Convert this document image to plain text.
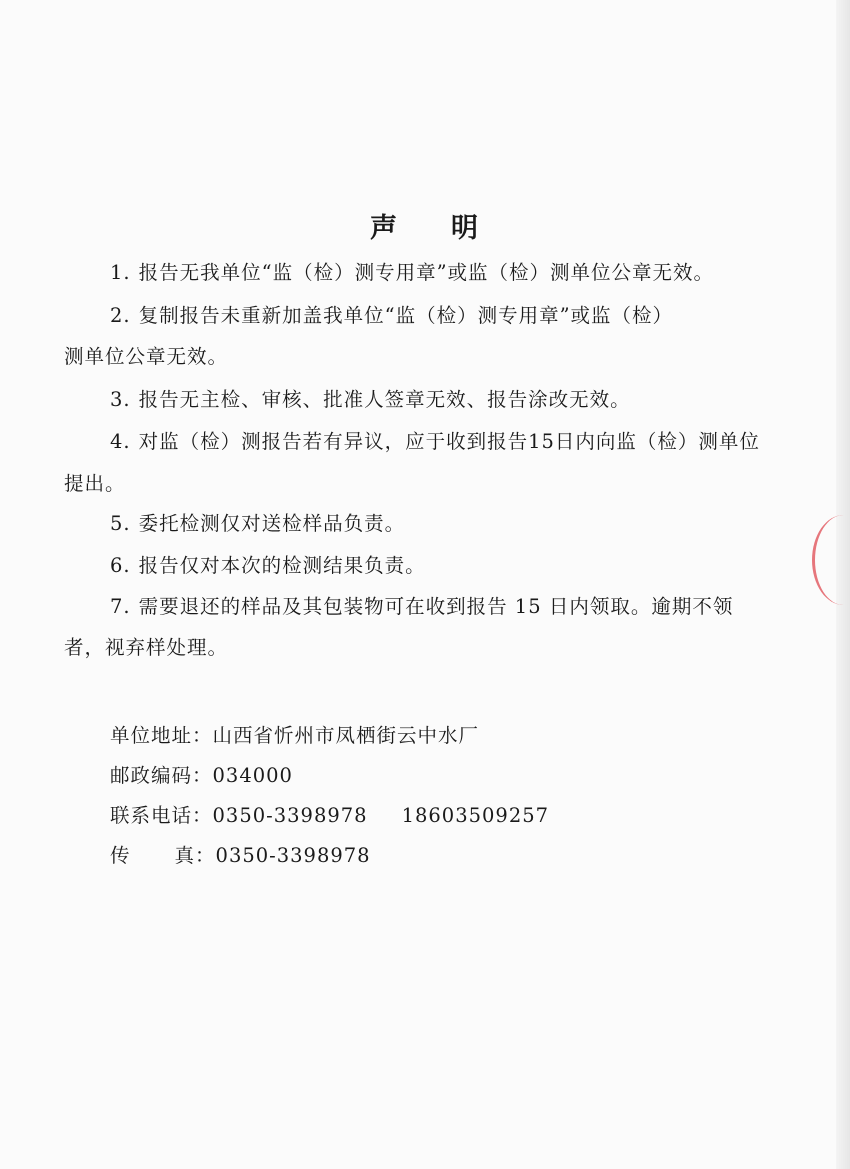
声 明
1. 报告无我单位“监（检）测专用章”或监（检）测单位公章无效。
2. 复制报告未重新加盖我单位“监（检）测专用章”或监（检）
测单位公章无效。
3. 报告无主检、审核、批准人签章无效、报告涂改无效。
4. 对监（检）测报告若有异议，应于收到报告15日内向监（检）测单位
提出。
5. 委托检测仅对送检样品负责。
6. 报告仅对本次的检测结果负责。
7. 需要退还的样品及其包装物可在收到报告 15 日内领取。逾期不领
者，视弃样处理。
单位地址：山西省忻州市凤栖街云中水厂
邮政编码：034000
联系电话：0350-3398978 18603509257
传 真：0350-3398978
